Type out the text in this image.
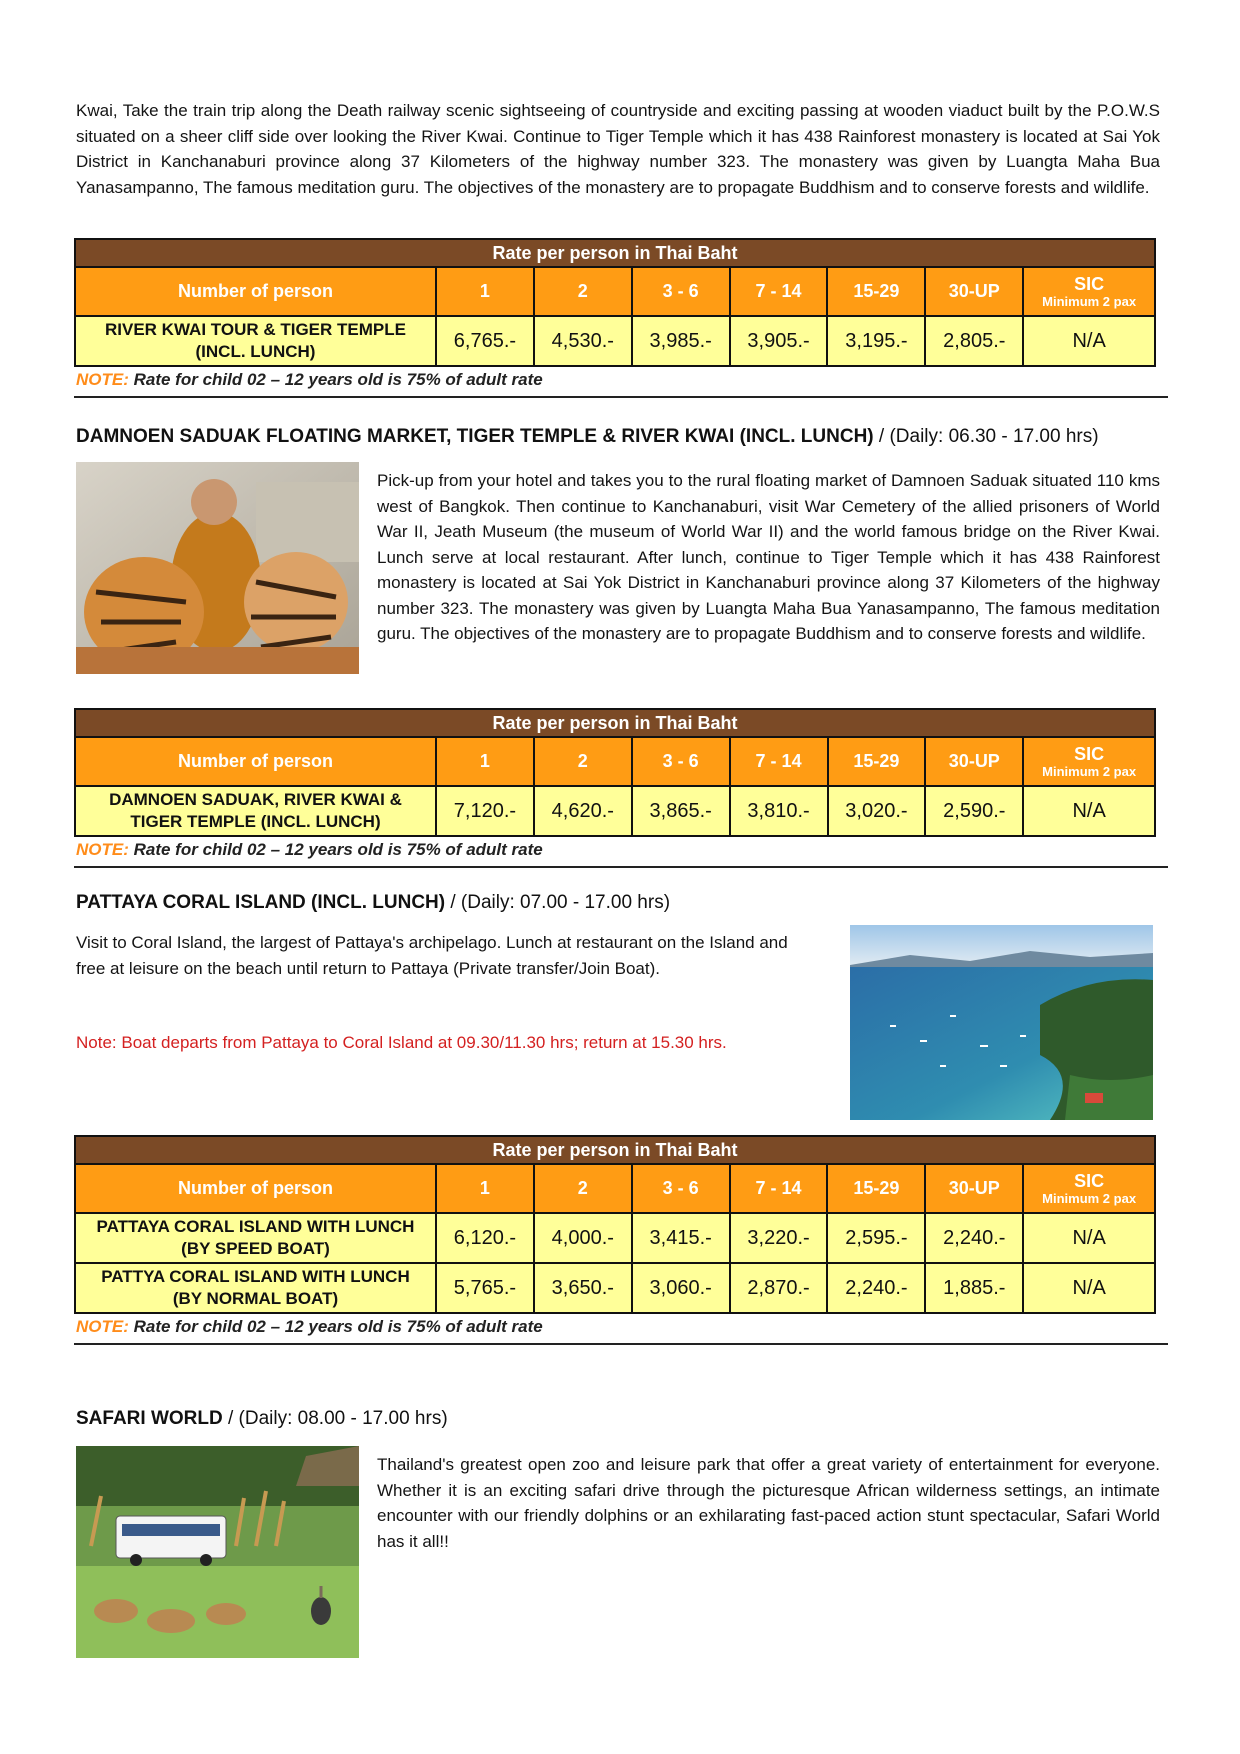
Kwai, Take the train trip along the Death railway scenic sightseeing of countryside and exciting passing at wooden viaduct built by the P.O.W.S situated on a sheer cliff side over looking the River Kwai. Continue to Tiger Temple which it has 438 Rainforest monastery is located at Sai Yok District in Kanchanaburi province along 37 Kilometers of the highway number 323. The monastery was given by Luangta Maha Bua Yanasampanno, The famous meditation guru. The objectives of the monastery are to propagate Buddhism and to conserve forests and wildlife.
Rate per person in Thai Baht							
Number of person	1	2	3 - 6	7 - 14	15-29	30-UP	SIC
Minimum 2 pax

RIVER KWAI TOUR & TIGER TEMPLE
(INCL. LUNCH)	6,765.-	4,530.-	3,985.-	3,905.-	3,195.-	2,805.-	N/A
NOTE: Rate for child 02 – 12 years old is 75% of adult rate
DAMNOEN SADUAK FLOATING MARKET, TIGER TEMPLE & RIVER KWAI (INCL. LUNCH) / (Daily: 06.30 - 17.00 hrs)
Pick-up from your hotel and takes you to the rural floating market of Damnoen Saduak situated 110 kms west of Bangkok. Then continue to Kanchanaburi, visit War Cemetery of the allied prisoners of World War II, Jeath Museum (the museum of World War II) and the world famous bridge on the River Kwai. Lunch serve at local restaurant. After lunch, continue to Tiger Temple which it has 438 Rainforest monastery is located at Sai Yok District in Kanchanaburi province along 37 Kilometers of the highway number 323. The monastery was given by Luangta Maha Bua Yanasampanno, The famous meditation guru. The objectives of the monastery are to propagate Buddhism and to conserve forests and wildlife.
Rate per person in Thai Baht							
Number of person	1	2	3 - 6	7 - 14	15-29	30-UP	SIC
Minimum 2 pax

DAMNOEN SADUAK, RIVER KWAI &
TIGER TEMPLE (INCL. LUNCH)	7,120.-	4,620.-	3,865.-	3,810.-	3,020.-	2,590.-	N/A
NOTE: Rate for child 02 – 12 years old is 75% of adult rate
PATTAYA CORAL ISLAND (INCL. LUNCH) / (Daily: 07.00 - 17.00 hrs)
Visit to Coral Island, the largest of Pattaya's archipelago. Lunch at restaurant on the Island and free at leisure on the beach until return to Pattaya (Private transfer/Join Boat).
Note: Boat departs from Pattaya to Coral Island at 09.30/11.30 hrs; return at 15.30 hrs.
Rate per person in Thai Baht							
Number of person	1	2	3 - 6	7 - 14	15-29	30-UP	SIC
Minimum 2 pax

PATTAYA CORAL ISLAND WITH LUNCH
(BY SPEED BOAT)	6,120.-	4,000.-	3,415.-	3,220.-	2,595.-	2,240.-	N/A

PATTYA CORAL ISLAND WITH LUNCH
(BY NORMAL BOAT)	5,765.-	3,650.-	3,060.-	2,870.-	2,240.-	1,885.-	N/A
NOTE: Rate for child 02 – 12 years old is 75% of adult rate
SAFARI WORLD / (Daily: 08.00 - 17.00 hrs)
Thailand's greatest open zoo and leisure park that offer a great variety of entertainment for everyone. Whether it is an exciting safari drive through the picturesque African wilderness settings, an intimate encounter with our friendly dolphins or an exhilarating fast-paced action stunt spectacular, Safari World has it all!!
